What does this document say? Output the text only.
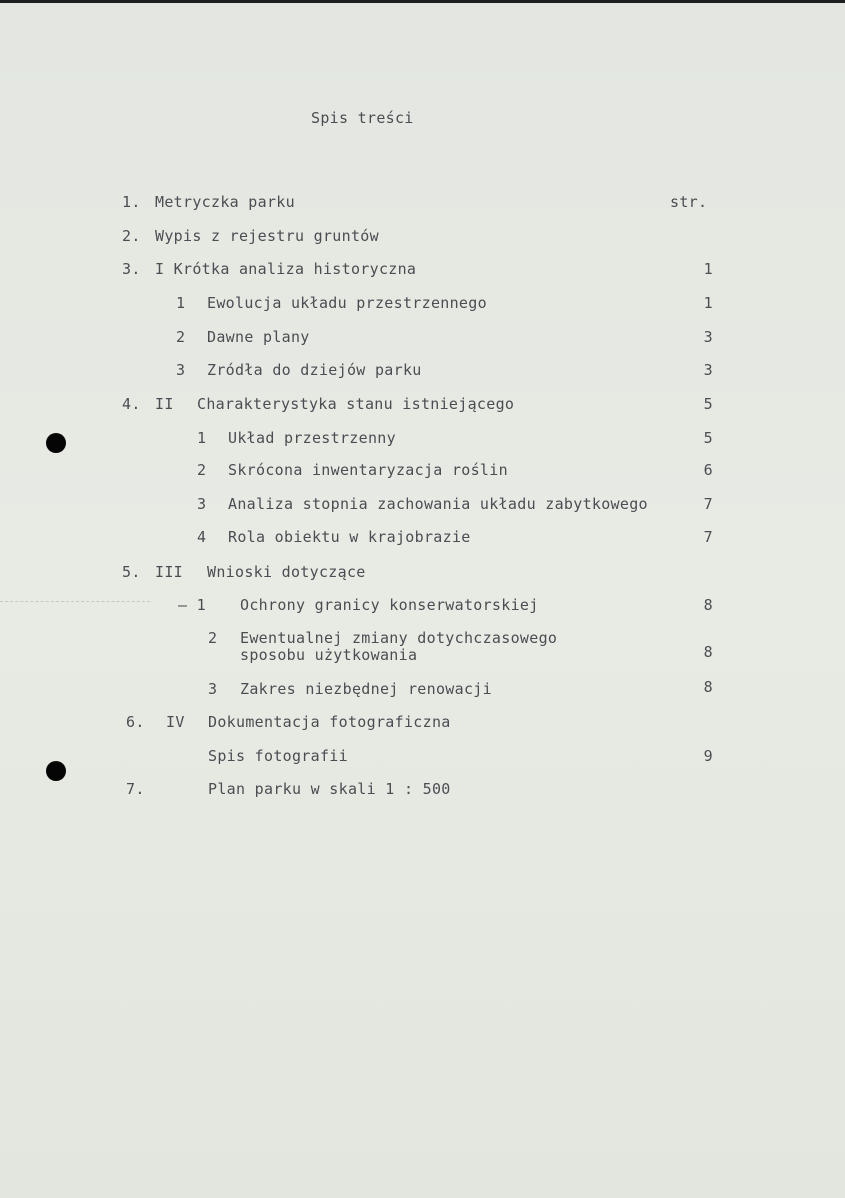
Spis treści
1. Metryczka parku	str.
2. Wypis z rejestru gruntów
3. I Krótka analiza historyczna	1
1 Ewolucja układu przestrzennego	1
2 Dawne plany	3
3 Zródła do dziejów parku	3
4. II Charakterystyka stanu istniejącego	5
1 Układ przestrzenny	5
2 Skrócona inwentaryzacja roślin	6
3 Analiza stopnia zachowania układu zabytkowego	7
4 Rola obiektu w krajobrazie	7
5. III Wnioski dotyczące
– 1 Ochrony granicy konserwatorskiej	8
2 Ewentualnej zmiany dotychczasowego
sposobu użytkowania	8
3 Zakres niezbędnej renowacji	8
6. IV Dokumentacja fotograficzna
Spis fotografii	9
7.	Plan parku w skali 1 : 500
